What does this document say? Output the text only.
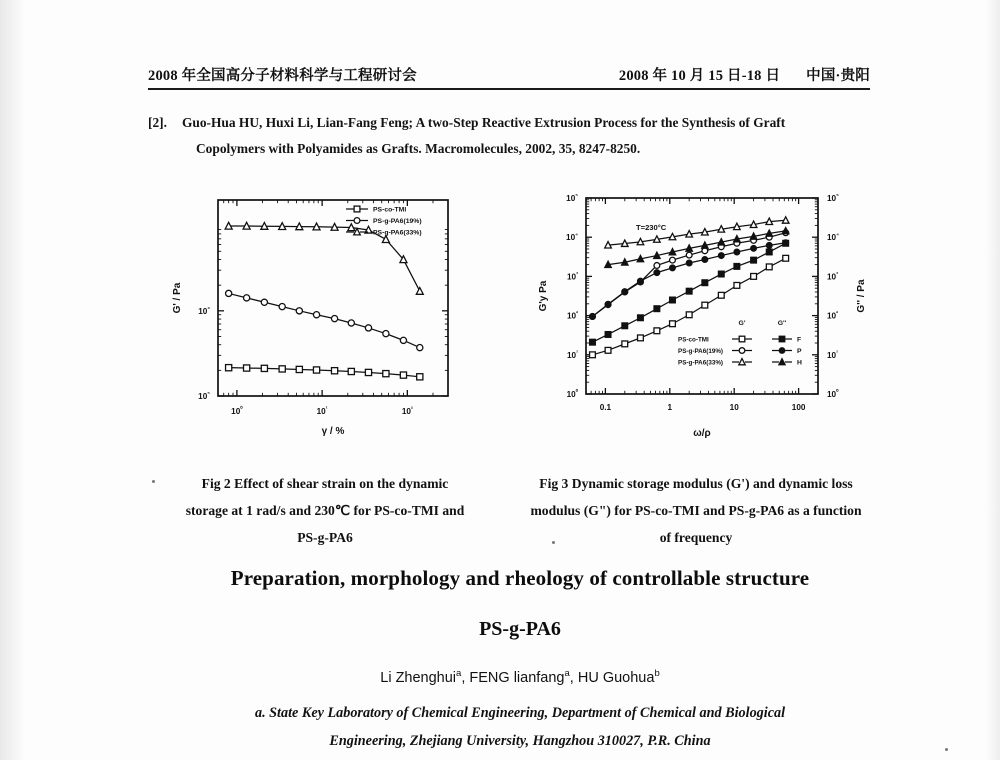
2008 年全国高分子材料科学与工程研讨会	2008 年 10 月 15 日-18 日 中国·贵阳
[2]. Guo-Hua HU, Huxi Li, Lian-Fang Feng; A two-Step Reactive Extrusion Process for the Synthesis of Graft
Copolymers with Polyamides as Grafts. Macromolecules, 2002, 35, 8247-8250.
$10^{^0}$	$10^{^1}$	$10^{^2}$
$10^{^6}$
$10^{^5}$
PS-co-TMI
PS-g-PA6(19%)
PS-g-PA6(33%)
γ / %
G' / Pa
0.1	1	10	100
$10^{^5}$	$10^{^5}$
$10^{^4}$	$10^{^4}$
$10^{^3}$	$10^{^3}$
$10^{^2}$	$10^{^2}$
$10^{^1}$	$10^{^1}$
$10^{^0}$	$10^{^0}$
G'	G''
PS-co-TMI	F
PS-g-PA6(19%)	P
PS-g-PA6(33%)	H
T=230°C
ω/ρ
G'y Pa	G'' / Pa
Fig 2 Effect of shear strain on the dynamic
storage at 1 rad/s and 230℃ for PS-co-TMI and
PS-g-PA6
Fig 3 Dynamic storage modulus (G') and dynamic loss
modulus (G") for PS-co-TMI and PS-g-PA6 as a function
of frequency
Preparation, morphology and rheology of controllable structure
PS-g-PA6
Li Zhenghui$^a$, FENG lianfang$^a$, HU Guohua$^b$
a. State Key Laboratory of Chemical Engineering, Department of Chemical and Biological
Engineering, Zhejiang University, Hangzhou 310027, P.R. China
